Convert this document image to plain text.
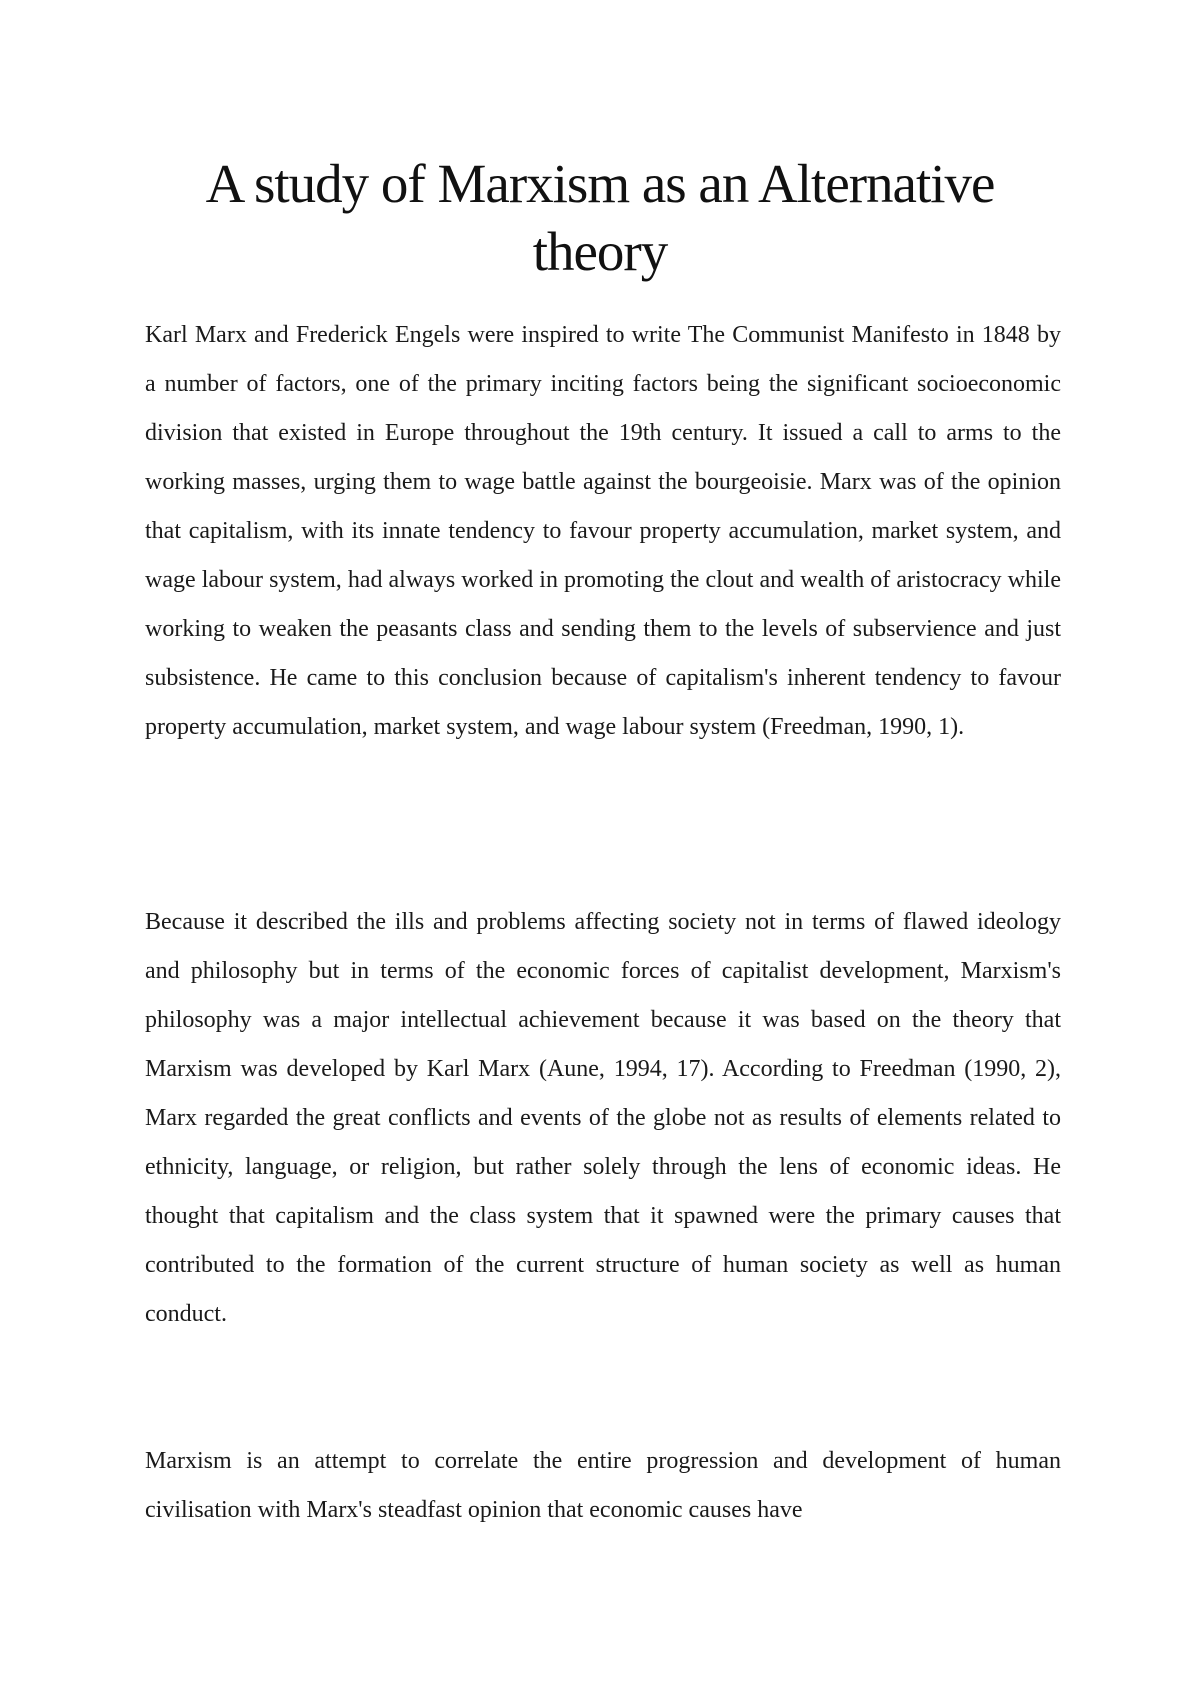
A study of Marxism as an Alternative theory

Karl Marx and Frederick Engels were inspired to write The Communist Manifesto in 1848 by a number of factors, one of the primary inciting factors being the significant socioeconomic division that existed in Europe throughout the 19th century. It issued a call to arms to the working masses, urging them to wage battle against the bourgeoisie. Marx was of the opinion that capitalism, with its innate tendency to favour property accumulation, market system, and wage labour system, had always worked in promoting the clout and wealth of aristocracy while working to weaken the peasants class and sending them to the levels of subservience and just subsistence. He came to this conclusion because of capitalism's inherent tendency to favour property accumulation, market system, and wage labour system (Freedman, 1990, 1).

Because it described the ills and problems affecting society not in terms of flawed ideology and philosophy but in terms of the economic forces of capitalist development, Marxism's philosophy was a major intellectual achievement because it was based on the theory that Marxism was developed by Karl Marx (Aune, 1994, 17). According to Freedman (1990, 2), Marx regarded the great conflicts and events of the globe not as results of elements related to ethnicity, language, or religion, but rather solely through the lens of economic ideas. He thought that capitalism and the class system that it spawned were the primary causes that contributed to the formation of the current structure of human society as well as human conduct.

Marxism is an attempt to correlate the entire progression and development of human civilisation with Marx's steadfast opinion that economic causes have
